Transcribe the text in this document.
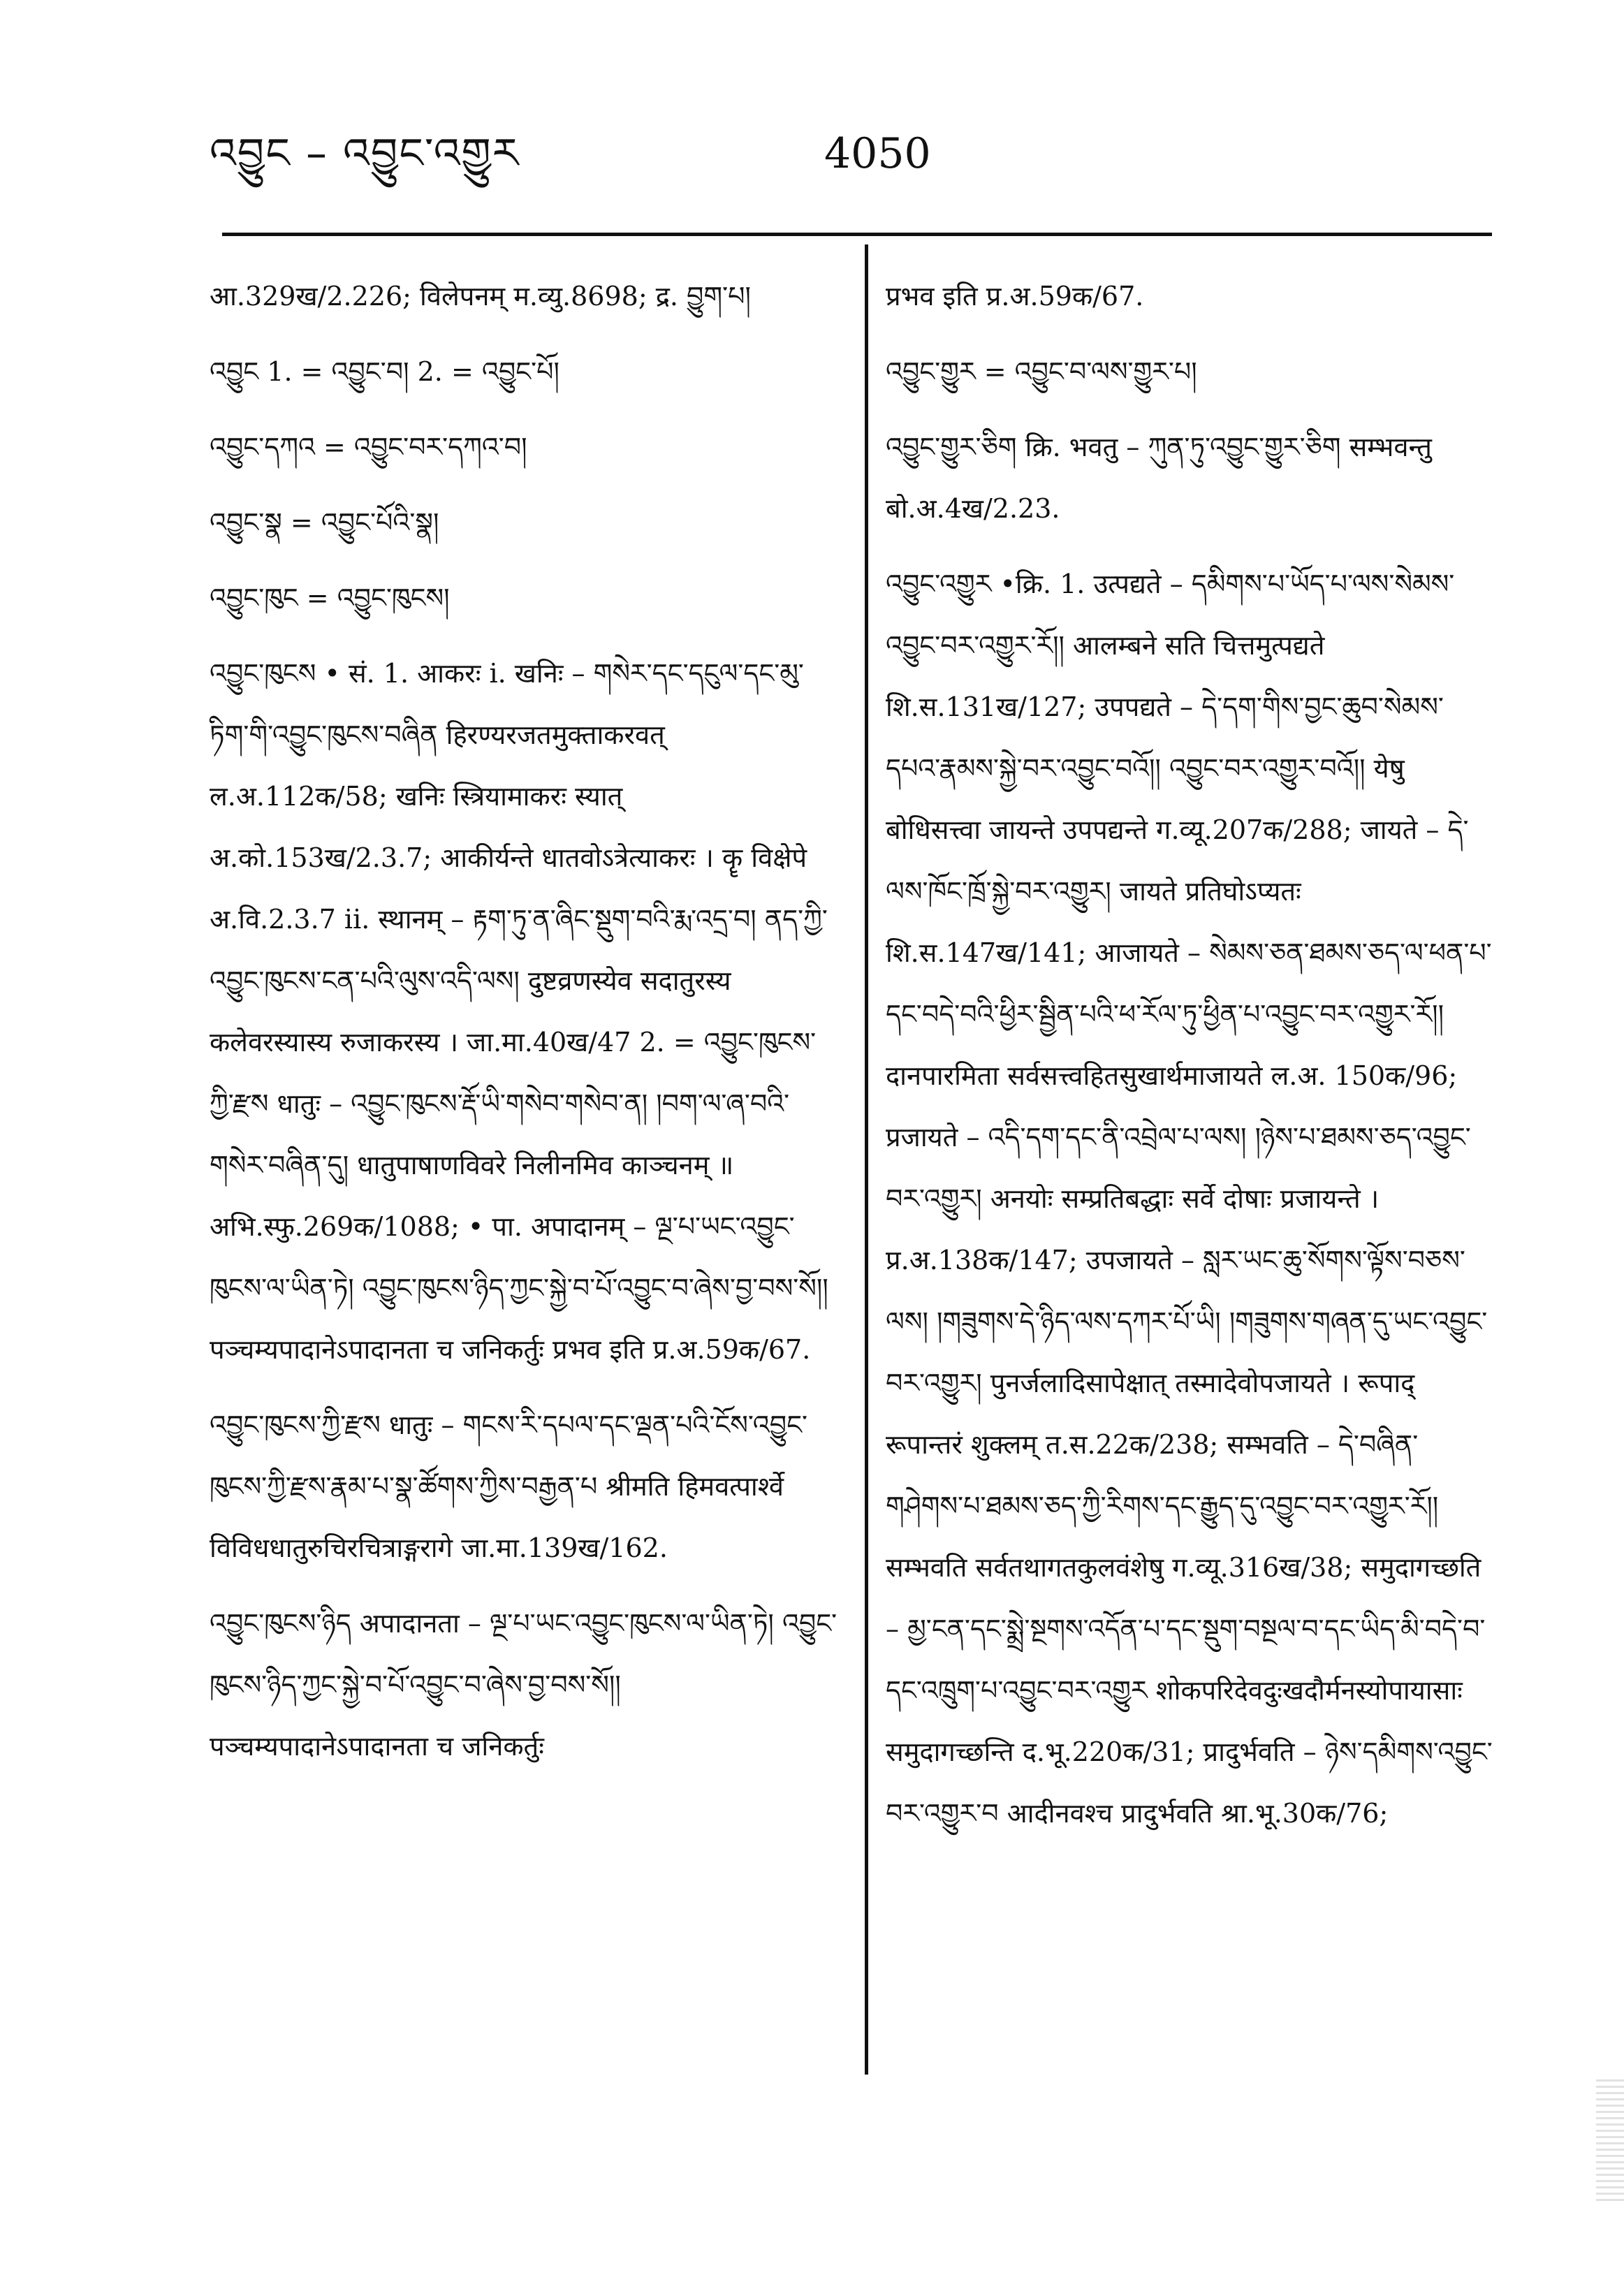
འབྱུང – འབྱུང་འགྱུར	4050

आ.329ख/2.226; विलेपनम् म.व्यु.8698; द्र. བྱུག་པ།

འབྱུང 1. = འབྱུང་བ། 2. = འབྱུང་པོ།

འབྱུང་དཀའ = འབྱུང་བར་དཀའ་བ།

འབྱུང་སྣ = འབྱུང་པོའི་སྣ།

འབྱུང་ཁུང = འབྱུང་ཁུངས།

འབྱུང་ཁུངས • सं. 1. आकरः i. खनिः – གསེར་དང་དངུལ་དང་མུ་ཏིག་གི་འབྱུང་ཁུངས་བཞིན हिरण्यरजतमुक्ताकरवत् ल.अ.112क/58; खनिः स्त्रियामाकरः स्यात् अ.को.153ख/2.3.7; आकीर्यन्ते धातवोऽत्रेत्याकरः । कॄ विक्षेपे अ.वि.2.3.7 ii. स्थानम् – རྟག་ཏུ་ན་ཞིང་སྡུག་བའི་རྨ་འདྲ་བ། ནད་ཀྱི་འབྱུང་ཁུངས་ངན་པའི་ལུས་འདི་ལས། दुष्टव्रणस्येव सदातुरस्य कलेवरस्यास्य रुजाकरस्य । जा.मा.40ख/47 2. = འབྱུང་ཁུངས་ཀྱི་རྫས धातुः – འབྱུང་ཁུངས་རྡོ་ཡི་གསེབ་གསེབ་ན། །བག་ལ་ཞ་བའི་གསེར་བཞིན་དུ། धातुपाषाणविवरे निलीनमिव काञ्चनम् ॥ अभि.स्फु.269क/1088; • पा. अपादानम् – ལྔ་པ་ཡང་འབྱུང་ཁུངས་ལ་ཡིན་ཏེ། འབྱུང་ཁུངས་ཉིད་ཀྱང་སྐྱེ་བ་པོ་འབྱུང་བ་ཞེས་བྱ་བས་སོ།། पञ्चम्यपादानेऽपादानता च जनिकर्तुः प्रभव इति प्र.अ.59क/67.

འབྱུང་ཁུངས་ཀྱི་རྫས धातुः – གངས་རི་དཔལ་དང་ལྡན་པའི་ངོས་འབྱུང་ཁུངས་ཀྱི་རྫས་རྣམ་པ་སྣ་ཚོགས་ཀྱིས་བརྒྱན་པ श्रीमति हिमवत्पार्श्वे विविधधातुरुचिरचित्राङ्गरागे जा.मा.139ख/162.

འབྱུང་ཁུངས་ཉིད अपादानता – ལྔ་པ་ཡང་འབྱུང་ཁུངས་ལ་ཡིན་ཏེ། འབྱུང་ཁུངས་ཉིད་ཀྱང་སྐྱེ་བ་པོ་འབྱུང་བ་ཞེས་བྱ་བས་སོ།། पञ्चम्यपादानेऽपादानता च जनिकर्तुः

प्रभव इति प्र.अ.59क/67.

འབྱུང་གྱུར = འབྱུང་བ་ལས་གྱུར་པ།

འབྱུང་གྱུར་ཅིག क्रि. भवतु – ཀུན་ཏུ་འབྱུང་གྱུར་ཅིག सम्भवन्तु बो.अ.4ख/2.23.

འབྱུང་འགྱུར •क्रि. 1. उत्पद्यते – དམིགས་པ་ཡོད་པ་ལས་སེམས་འབྱུང་བར་འགྱུར་རོ།། आलम्बने सति चित्तमुत्पद्यते शि.स.131ख/127; उपपद्यते – དེ་དག་གིས་བྱང་ཆུབ་སེམས་དཔའ་རྣམས་སྐྱེ་བར་འབྱུང་བའོ།། འབྱུང་བར་འགྱུར་བའོ།། येषु बोधिसत्त्वा जायन्ते उपपद्यन्ते ग.व्यू.207क/288; जायते – དེ་ལས་ཁོང་ཁྲོ་སྐྱེ་བར་འགྱུར། जायते प्रतिघोऽप्यतः शि.स.147ख/141; आजायते – སེམས་ཅན་ཐམས་ཅད་ལ་ཕན་པ་དང་བདེ་བའི་ཕྱིར་སྦྱིན་པའི་ཕ་རོལ་ཏུ་ཕྱིན་པ་འབྱུང་བར་འགྱུར་རོ།། दानपारमिता सर्वसत्त्वहितसुखार्थमाजायते ल.अ. 150क/96; प्रजायते – འདི་དག་དང་ནི་འབྲེལ་པ་ལས། །ཉེས་པ་ཐམས་ཅད་འབྱུང་བར་འགྱུར། अनयोः सम्प्रतिबद्धाः सर्वे दोषाः प्रजायन्ते । प्र.अ.138क/147; उपजायते – སླར་ཡང་ཆུ་སོགས་ལྟོས་བཅས་ལས། །གཟུགས་དེ་ཉིད་ལས་དཀར་པོ་ཡི། །གཟུགས་གཞན་དུ་ཡང་འབྱུང་བར་འགྱུར། पुनर्जलादिसापेक्षात् तस्मादेवोपजायते । रूपाद् रूपान्तरं शुक्लम् त.स.22क/238; सम्भवति – དེ་བཞིན་གཤེགས་པ་ཐམས་ཅད་ཀྱི་རིགས་དང་རྒྱུད་དུ་འབྱུང་བར་འགྱུར་རོ།། सम्भवति सर्वतथागतकुलवंशेषु ग.व्यू.316ख/38; समुदागच्छति – མྱ་ངན་དང་སྨྲེ་སྔགས་འདོན་པ་དང་སྡུག་བསྔལ་བ་དང་ཡིད་མི་བདེ་བ་དང་འཁྲུག་པ་འབྱུང་བར་འགྱུར शोकपरिदेवदुःखदौर्मनस्योपायासाः समुदागच्छन्ति द.भू.220क/31; प्रादुर्भवति – ཉེས་དམིགས་འབྱུང་བར་འགྱུར་བ आदीनवश्च प्रादुर्भवति श्रा.भू.30क/76;
